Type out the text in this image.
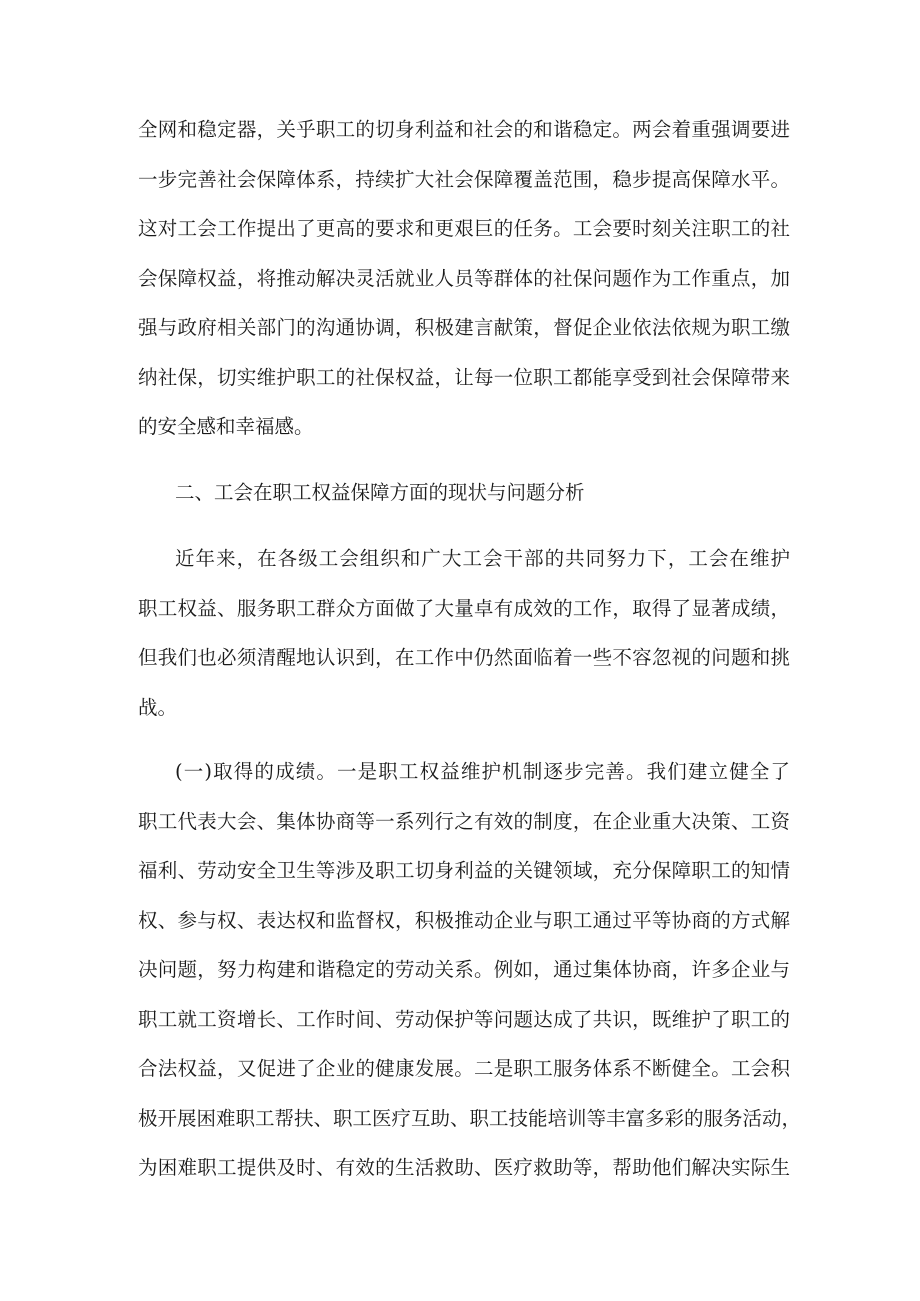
全网和稳定器，关乎职工的切身利益和社会的和谐稳定。两会着重强调要进
一步完善社会保障体系，持续扩大社会保障覆盖范围，稳步提高保障水平。
这对工会工作提出了更高的要求和更艰巨的任务。工会要时刻关注职工的社
会保障权益，将推动解决灵活就业人员等群体的社保问题作为工作重点，加
强与政府相关部门的沟通协调，积极建言献策，督促企业依法依规为职工缴
纳社保，切实维护职工的社保权益，让每一位职工都能享受到社会保障带来
的安全感和幸福感。
二、工会在职工权益保障方面的现状与问题分析
近年来，在各级工会组织和广大工会干部的共同努力下，工会在维护
职工权益、服务职工群众方面做了大量卓有成效的工作，取得了显著成绩，
但我们也必须清醒地认识到，在工作中仍然面临着一些不容忽视的问题和挑
战。
(一)取得的成绩。一是职工权益维护机制逐步完善。我们建立健全了
职工代表大会、集体协商等一系列行之有效的制度，在企业重大决策、工资
福利、劳动安全卫生等涉及职工切身利益的关键领域，充分保障职工的知情
权、参与权、表达权和监督权，积极推动企业与职工通过平等协商的方式解
决问题，努力构建和谐稳定的劳动关系。例如，通过集体协商，许多企业与
职工就工资增长、工作时间、劳动保护等问题达成了共识，既维护了职工的
合法权益，又促进了企业的健康发展。二是职工服务体系不断健全。工会积
极开展困难职工帮扶、职工医疗互助、职工技能培训等丰富多彩的服务活动，
为困难职工提供及时、有效的生活救助、医疗救助等，帮助他们解决实际生
